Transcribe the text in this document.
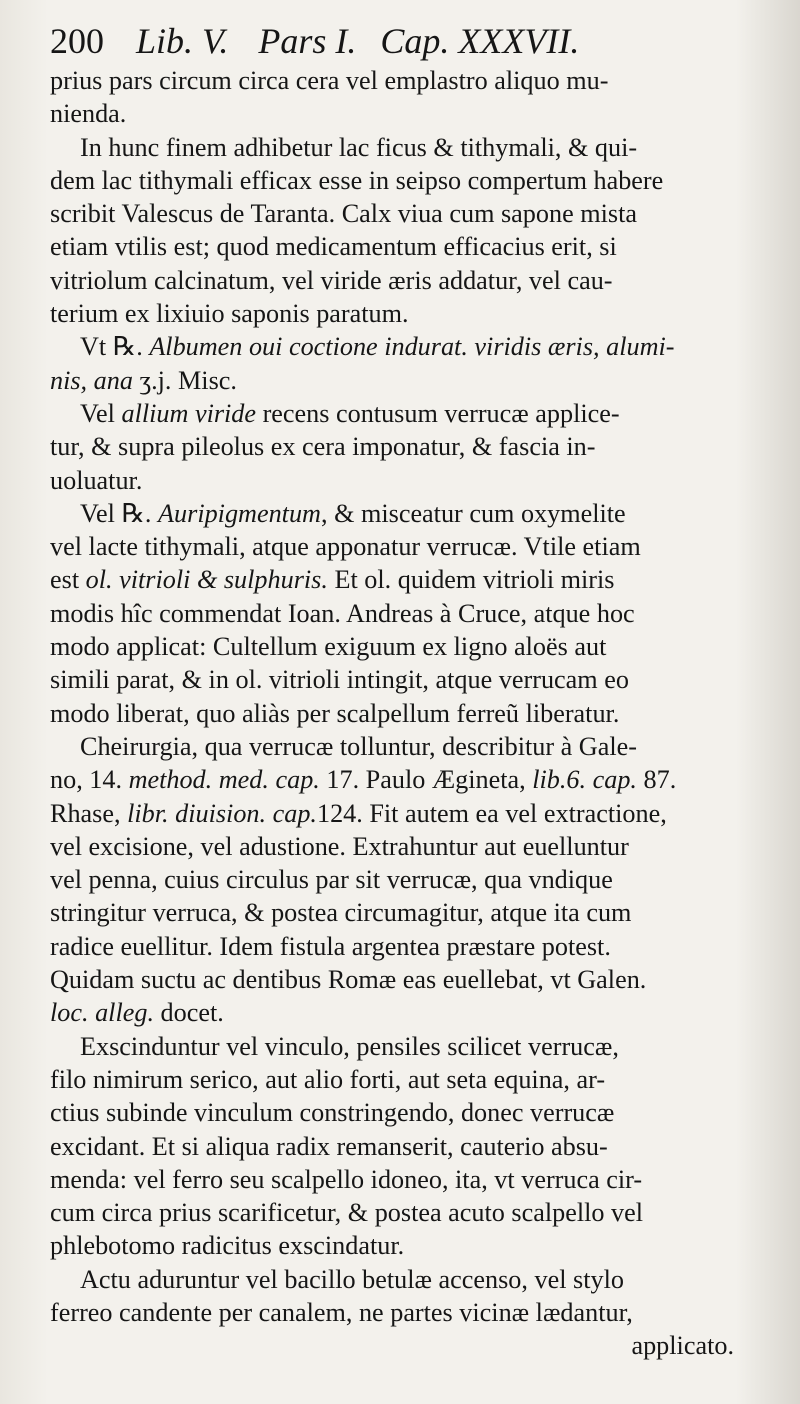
200 Lib. V. Pars I. Cap. XXXVII.
prius pars circum circa cera vel emplastro aliquo mu-
nienda.
In hunc finem adhibetur lac ficus & tithymali, & qui-
dem lac tithymali efficax esse in seipso compertum habere
scribit Valescus de Taranta. Calx viua cum sapone mista
etiam vtilis est; quod medicamentum efficacius erit, si
vitriolum calcinatum, vel viride æris addatur, vel cau-
terium ex lixiuio saponis paratum.
Vt ℞. Albumen oui coctione indurat. viridis æris, alumi-
nis, ana ʒ.j. Misc.
Vel allium viride recens contusum verrucæ applice-
tur, & supra pileolus ex cera imponatur, & fascia in-
uoluatur.
Vel ℞. Auripigmentum, & misceatur cum oxymelite
vel lacte tithymali, atque apponatur verrucæ. Vtile etiam
est ol. vitrioli & sulphuris. Et ol. quidem vitrioli miris
modis hîc commendat Ioan. Andreas à Cruce, atque hoc
modo applicat: Cultellum exiguum ex ligno aloës aut
simili parat, & in ol. vitrioli intingit, atque verrucam eo
modo liberat, quo aliàs per scalpellum ferreũ liberatur.
Cheirurgia, qua verrucæ tolluntur, describitur à Gale-
no, 14. method. med. cap. 17. Paulo Ægineta, lib.6. cap. 87.
Rhase, libr. diuision. cap.124. Fit autem ea vel extractione,
vel excisione, vel adustione. Extrahuntur aut euelluntur
vel penna, cuius circulus par sit verrucæ, qua vndique
stringitur verruca, & postea circumagitur, atque ita cum
radice euellitur. Idem fistula argentea præstare potest.
Quidam suctu ac dentibus Romæ eas euellebat, vt Galen.
loc. alleg. docet.
Exscinduntur vel vinculo, pensiles scilicet verrucæ,
filo nimirum serico, aut alio forti, aut seta equina, ar-
ctius subinde vinculum constringendo, donec verrucæ
excidant. Et si aliqua radix remanserit, cauterio absu-
menda: vel ferro seu scalpello idoneo, ita, vt verruca cir-
cum circa prius scarificetur, & postea acuto scalpello vel
phlebotomo radicitus exscindatur.
Actu aduruntur vel bacillo betulæ accenso, vel stylo
ferreo candente per canalem, ne partes vicinæ lædantur,
applicato.
